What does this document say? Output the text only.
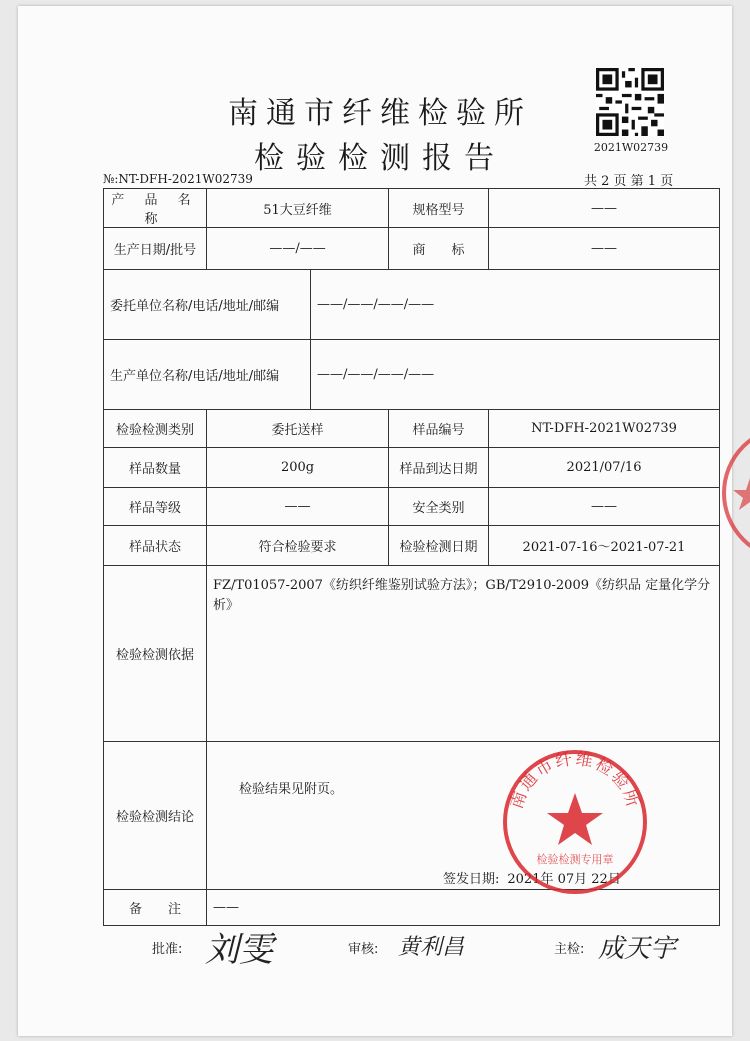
南通市纤维检验所
检验检测报告	2021W02739
№:NT-DFH-2021W02739	共 2 页 第 1 页
产 品 名 称	51大豆纤维		规格型号	——
生产日期/批号	——/——		商　　标	——
委托单位名称/电话/地址/邮编		——/——/——/——		
生产单位名称/电话/地址/邮编		——/——/——/——		
检验检测类别	委托送样		样品编号	NT-DFH-2021W02739
样品数量	200g		样品到达日期	2021/07/16
样品等级	——		安全类别	——
样品状态	符合检验要求		检验检测日期	2021-07-16～2021-07-21
检验检测依据	FZ/T01057-2007《纺织纤维鉴别试验方法》；GB/T2910-2009《纺织品 定量化学分析》			
检验检测结论	检验结果见附页。
签发日期: 2021年 07月 22日			

备　　注	——			
南通市纤维检验所
检验检测专用章
批准: 刘雯	审核: 黄利昌	主检: 成天宇
